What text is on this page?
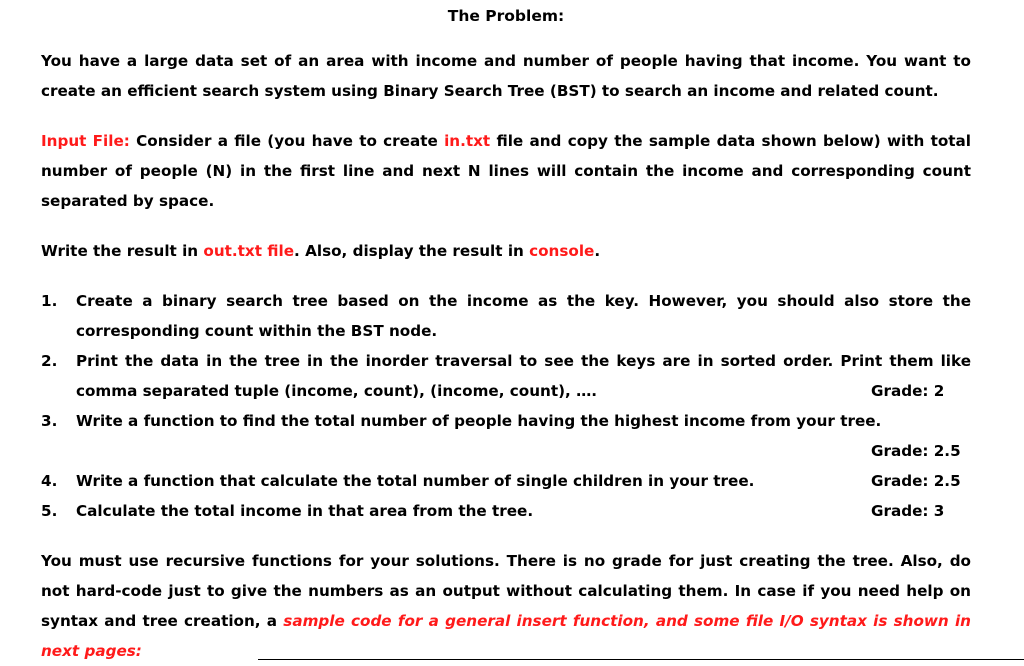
The Problem:

You have a large data set of an area with income and number of people having that income. You want to create an efficient search system using Binary Search Tree (BST) to search an income and related count.

Input File: Consider a file (you have to create in.txt file and copy the sample data shown below) with total number of people (N) in the first line and next N lines will contain the income and corresponding count separated by space.

Write the result in out.txt file. Also, display the result in console.

1. Create a binary search tree based on the income as the key. However, you should also store the corresponding count within the BST node.
2. Print the data in the tree in the inorder traversal to see the keys are in sorted order. Print them like
comma separated tuple (income, count), (income, count), ….	Grade: 2
3. Write a function to find the total number of people having the highest income from your tree.
Grade: 2.5
4. Write a function that calculate the total number of single children in your tree.	Grade: 2.5
5. Calculate the total income in that area from the tree.	Grade: 3

You must use recursive functions for your solutions. There is no grade for just creating the tree. Also, do not hard-code just to give the numbers as an output without calculating them. In case if you need help on syntax and tree creation, a sample code for a general insert function, and some file I/O syntax is shown in next pages:
